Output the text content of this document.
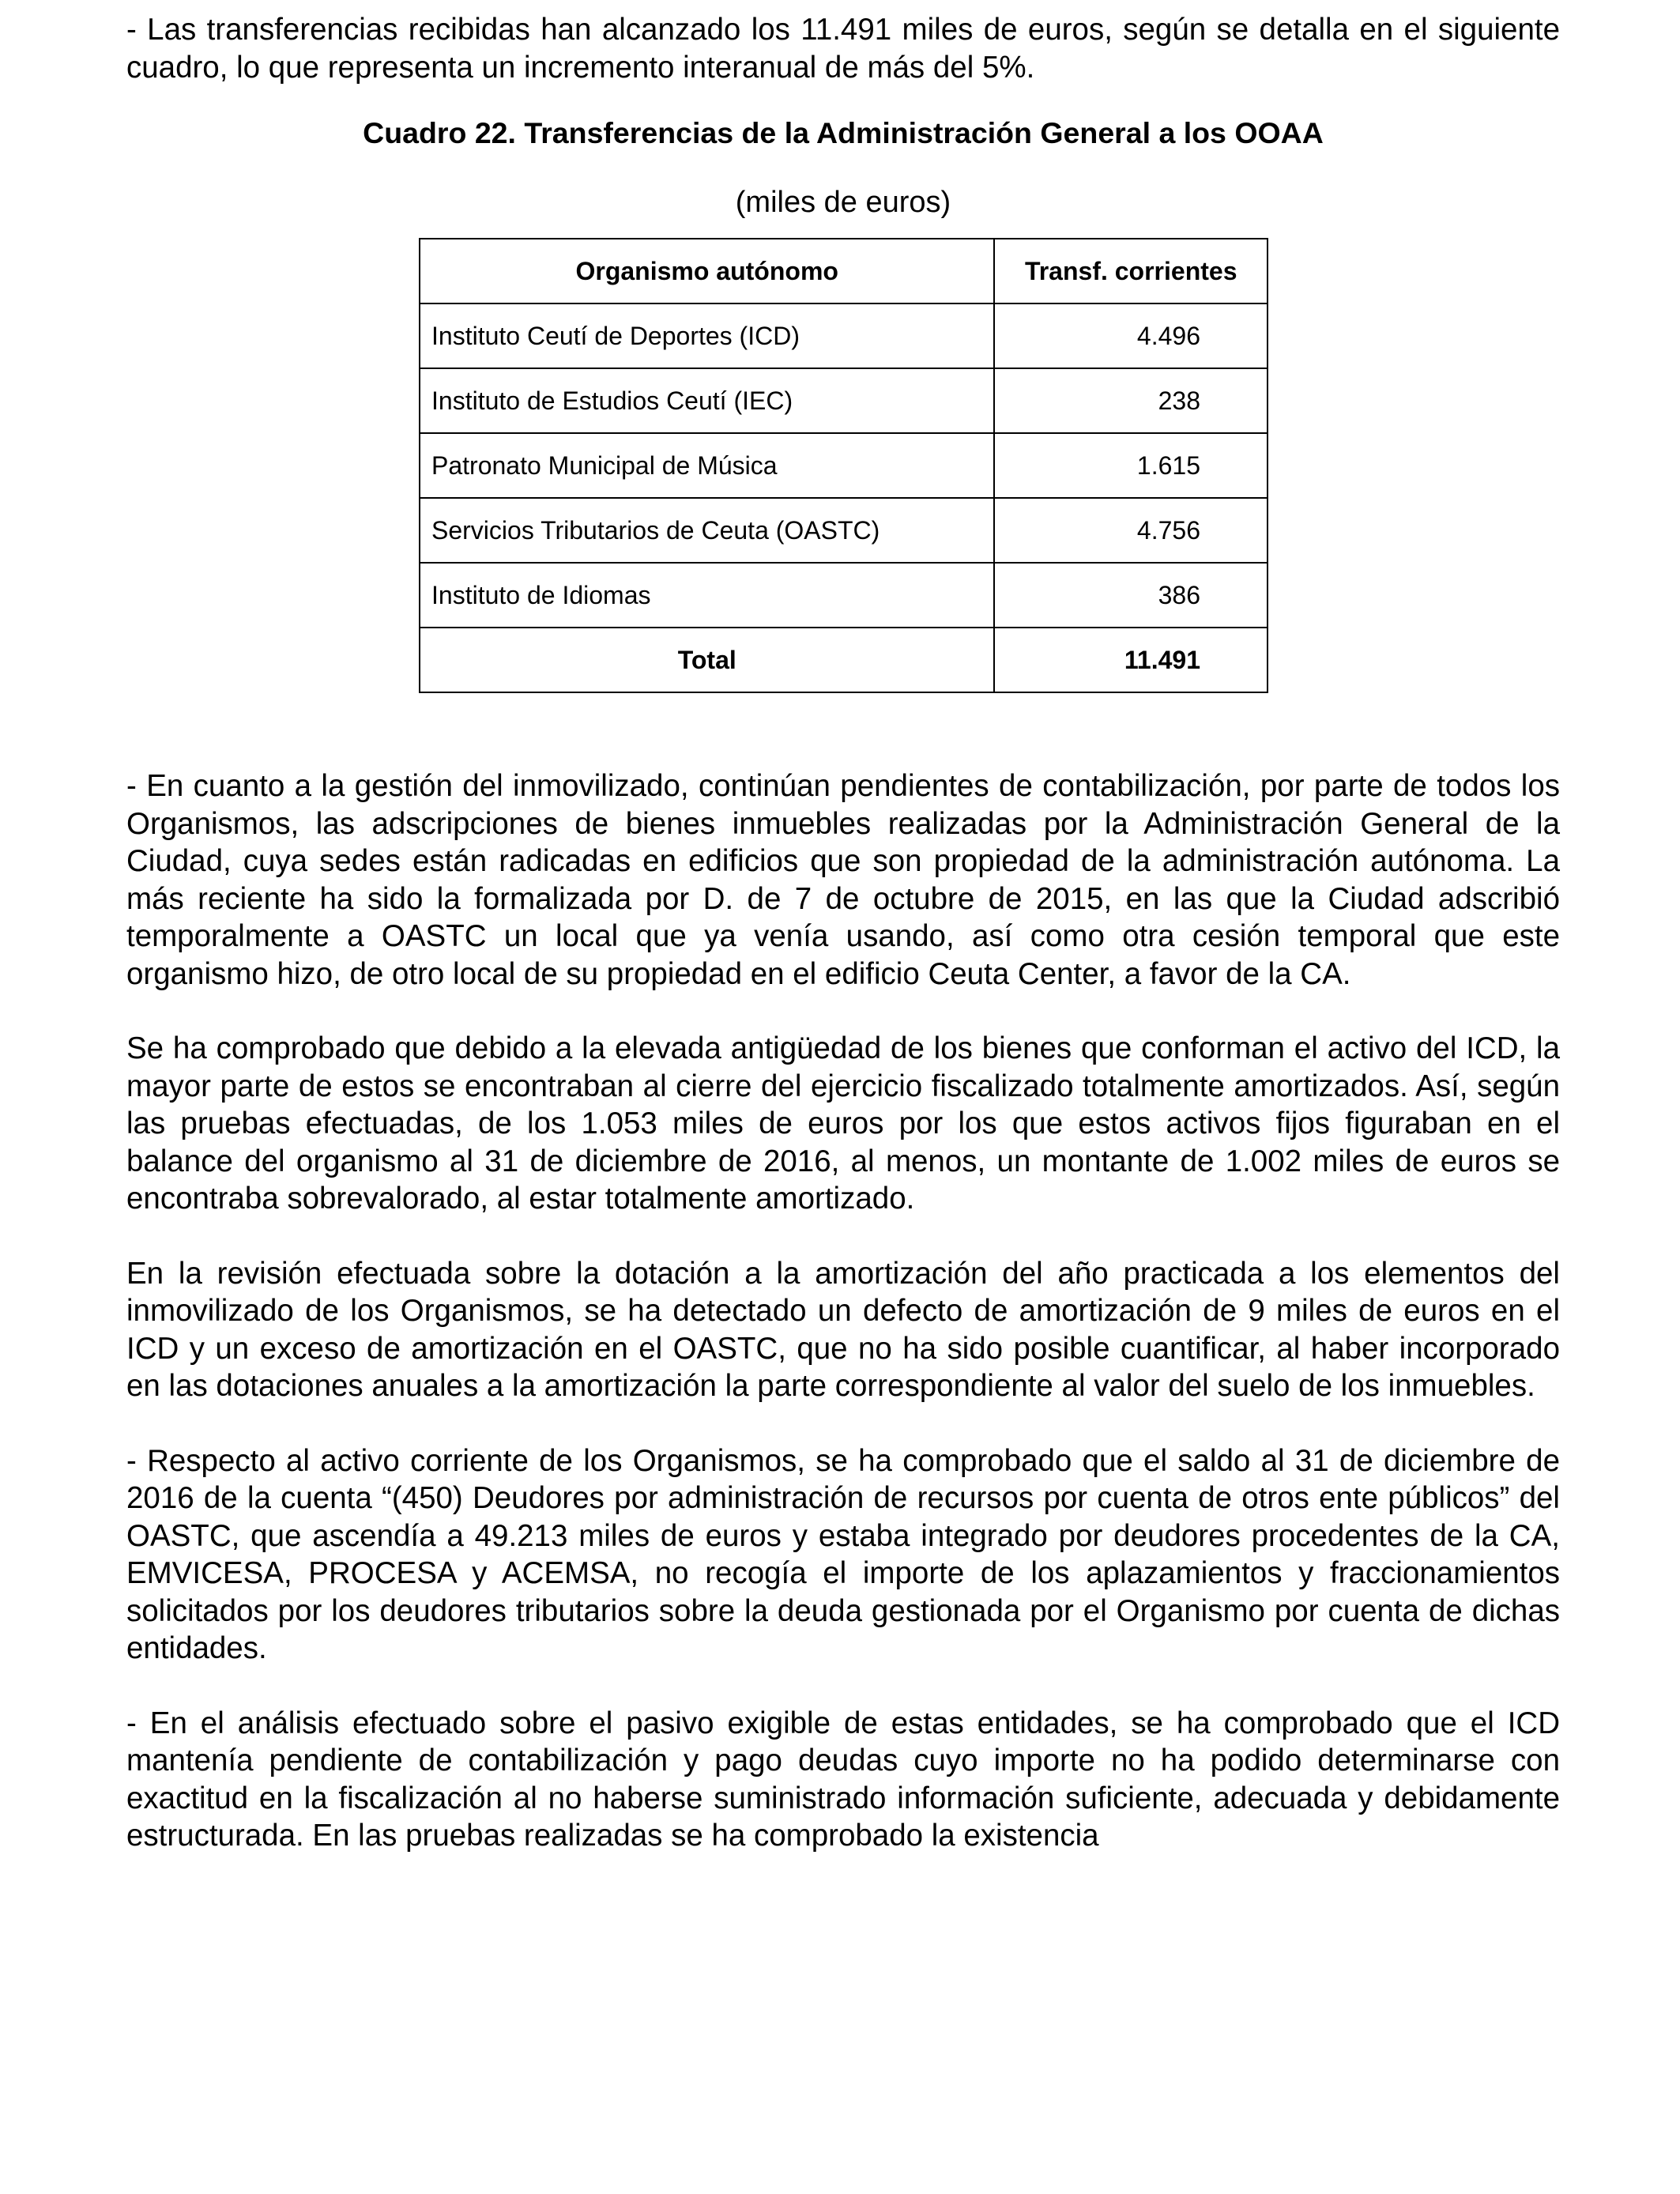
- Las transferencias recibidas han alcanzado los 11.491 miles de euros, según se detalla en el siguiente cuadro, lo que representa un incremento interanual de más del 5%.

Cuadro 22. Transferencias de la Administración General a los OOAA
(miles de euros)
Organismo autónomo	Transf. corrientes
Instituto Ceutí de Deportes (ICD)	4.496
Instituto de Estudios Ceutí (IEC)	238
Patronato Municipal de Música	1.615
Servicios Tributarios de Ceuta (OASTC)	4.756
Instituto de Idiomas	386
Total	11.491

- En cuanto a la gestión del inmovilizado, continúan pendientes de contabilización, por parte de todos los Organismos, las adscripciones de bienes inmuebles realizadas por la Administración General de la Ciudad, cuya sedes están radicadas en edificios que son propiedad de la administración autónoma. La más reciente ha sido la formalizada por D. de 7 de octubre de 2015, en las que la Ciudad adscribió temporalmente a OASTC un local que ya venía usando, así como otra cesión temporal que este organismo hizo, de otro local de su propiedad en el edificio Ceuta Center, a favor de la CA.

Se ha comprobado que debido a la elevada antigüedad de los bienes que conforman el activo del ICD, la mayor parte de estos se encontraban al cierre del ejercicio fiscalizado totalmente amortizados. Así, según las pruebas efectuadas, de los 1.053 miles de euros por los que estos activos fijos figuraban en el balance del organismo al 31 de diciembre de 2016, al menos, un montante de 1.002 miles de euros se encontraba sobrevalorado, al estar totalmente amortizado.

En la revisión efectuada sobre la dotación a la amortización del año practicada a los elementos del inmovilizado de los Organismos, se ha detectado un defecto de amortización de 9 miles de euros en el ICD y un exceso de amortización en el OASTC, que no ha sido posible cuantificar, al haber incorporado en las dotaciones anuales a la amortización la parte correspondiente al valor del suelo de los inmuebles.

- Respecto al activo corriente de los Organismos, se ha comprobado que el saldo al 31 de diciembre de 2016 de la cuenta “(450) Deudores por administración de recursos por cuenta de otros ente públicos” del OASTC, que ascendía a 49.213 miles de euros y estaba integrado por deudores procedentes de la CA, EMVICESA, PROCESA y ACEMSA, no recogía el importe de los aplazamientos y fraccionamientos solicitados por los deudores tributarios sobre la deuda gestionada por el Organismo por cuenta de dichas entidades.

- En el análisis efectuado sobre el pasivo exigible de estas entidades, se ha comprobado que el ICD mantenía pendiente de contabilización y pago deudas cuyo importe no ha podido determinarse con exactitud en la fiscalización al no haberse suministrado información suficiente, adecuada y debidamente estructurada. En las pruebas realizadas se ha comprobado la existencia
